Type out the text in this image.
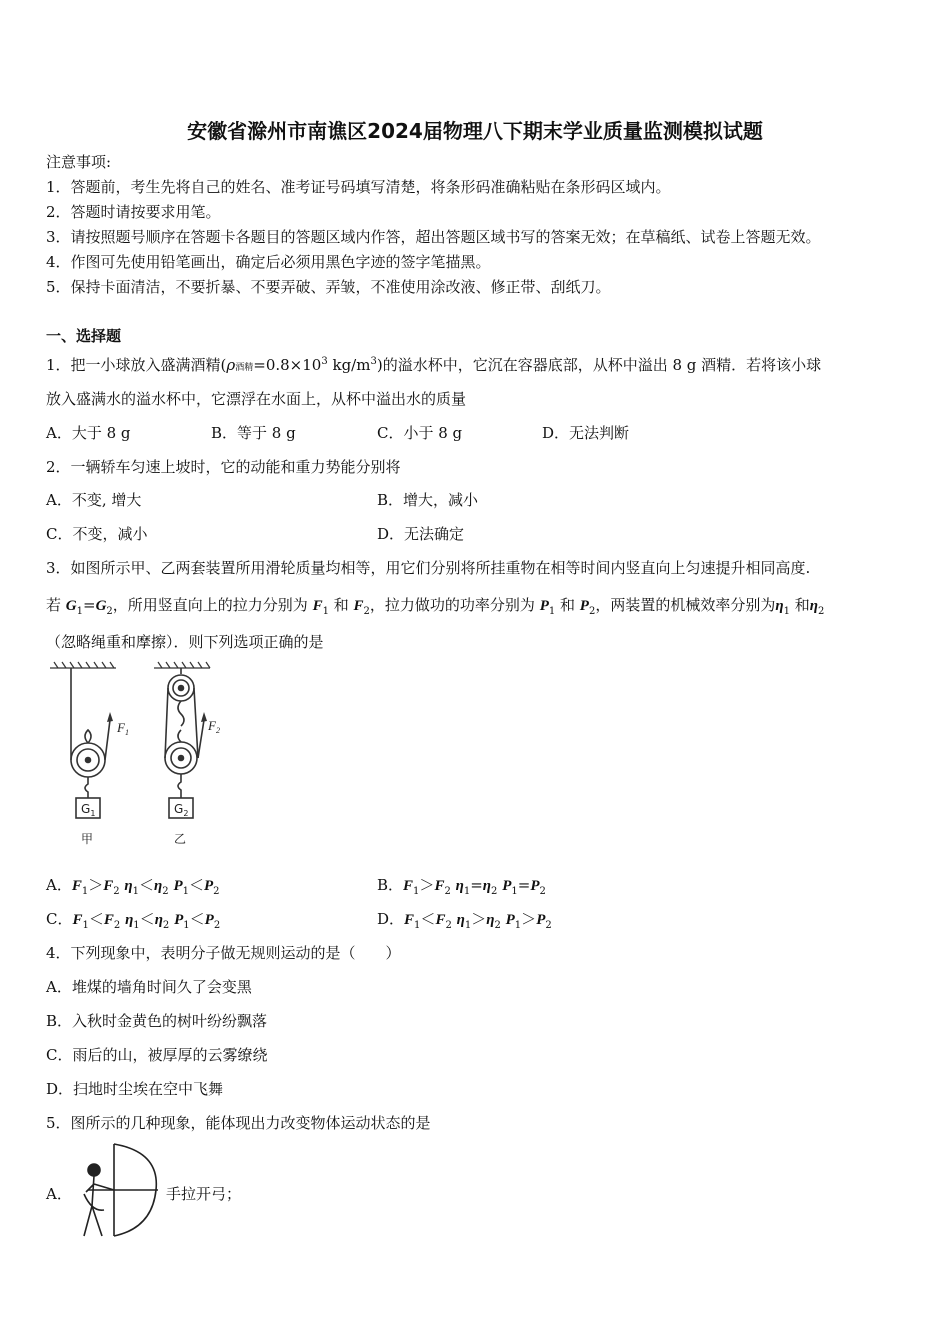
安徽省滁州市南谯区2024届物理八下期末学业质量监测模拟试题
注意事项:
1．答题前，考生先将自己的姓名、准考证号码填写清楚，将条形码准确粘贴在条形码区域内。
2．答题时请按要求用笔。
3．请按照题号顺序在答题卡各题目的答题区域内作答，超出答题区域书写的答案无效；在草稿纸、试卷上答题无效。
4．作图可先使用铅笔画出，确定后必须用黑色字迹的签字笔描黑。
5．保持卡面清洁，不要折暴、不要弄破、弄皱，不准使用涂改液、修正带、刮纸刀。
一、选择题
1．把一小球放入盛满酒精(ρ酒精$=0.8\times 10^3$ $kg/m^3$)的溢水杯中，它沉在容器底部，从杯中溢出 8 g 酒精．若将该小球
放入盛满水的溢水杯中，它漂浮在水面上，从杯中溢出水的质量
A．大于 8 g	B．等于 8 g	C．小于 8 g	D．无法判断
2．一辆轿车匀速上坡时，它的动能和重力势能分别将
A．不变, 增大	B．增大，减小
C．不变，减小	D．无法确定
3．如图所示甲、乙两套装置所用滑轮质量均相等，用它们分别将所挂重物在相等时间内竖直向上匀速提升相同高度.
若 $G_1=G_2$，所用竖直向上的拉力分别为 $F_1$ 和 $F_2$，拉力做功的功率分别为 $P_1$ 和 $P_2$，两装置的机械效率分别为$\eta_1$ 和$\eta_2$
（忽略绳重和摩擦）．则下列选项正确的是
$G_1$	$G_2$
$F_1$	$F_2$
甲	乙
A．$F_1>F_2$ $\eta_1<\eta_2$ $P_1<P_2$	B．$F_1>F_2$ $\eta_1=\eta_2$ $P_1=P_2$
C．$F_1<F_2$ $\eta_1<\eta_2$ $P_1<P_2$	D．$F_1<F_2$ $\eta_1>\eta_2$ $P_1>P_2$
4．下列现象中，表明分子做无规则运动的是（　　）
A．堆煤的墙角时间久了会变黑
B．入秋时金黄色的树叶纷纷飘落
C．雨后的山，被厚厚的云雾缭绕
D．扫地时尘埃在空中飞舞
5．图所示的几种现象，能体现出力改变物体运动状态的是
A．	手拉开弓；
